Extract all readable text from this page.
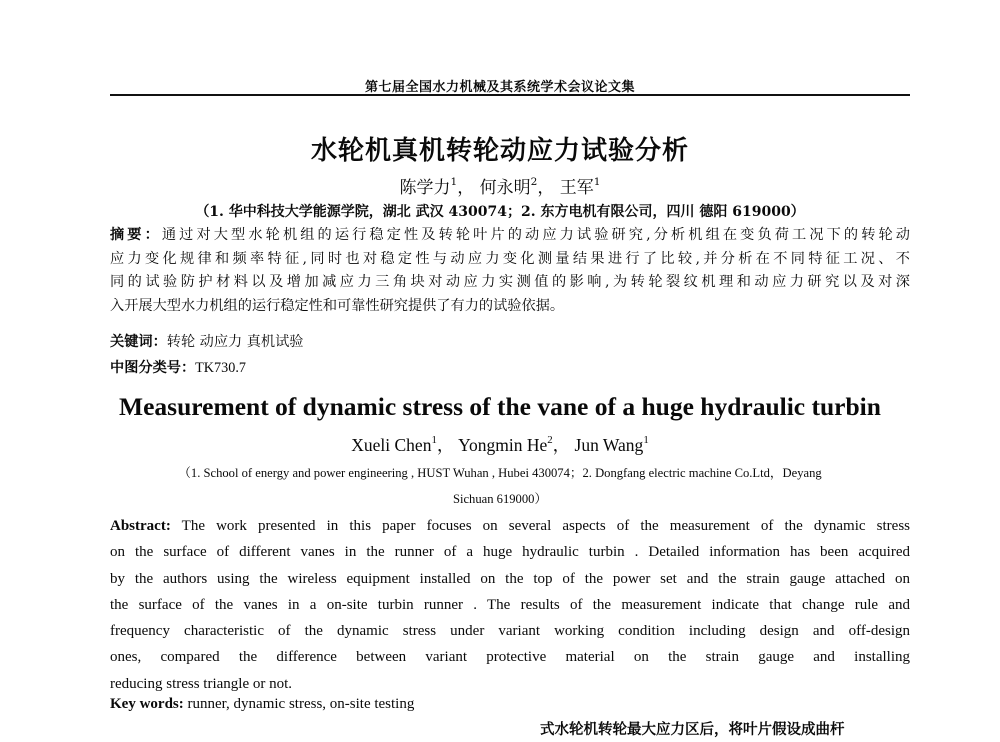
第七届全国水力机械及其系统学术会议论文集
水轮机真机转轮动应力试验分析
陈学力$^1$， 何永明$^2$， 王军$^1$
（1. 华中科技大学能源学院，湖北 武汉 430074；2. 东方电机有限公司，四川 德阳 619000）
摘要：通过对大型水轮机组的运行稳定性及转轮叶片的动应力试验研究,分析机组在变负荷工况下的转轮动
应力变化规律和频率特征,同时也对稳定性与动应力变化测量结果进行了比较,并分析在不同特征工况、不
同的试验防护材料以及增加减应力三角块对动应力实测值的影响,为转轮裂纹机理和动应力研究以及对深
入开展大型水力机组的运行稳定性和可靠性研究提供了有力的试验依据。
关键词：转轮 动应力 真机试验
中图分类号：TK730.7
Measurement of dynamic stress of the vane of a huge hydraulic turbin
Xueli Chen$^1$， Yongmin He$^2$， Jun Wang$^1$
（1. School of energy and power engineering , HUST Wuhan , Hubei 430074；2. Dongfang electric machine Co.Ltd，Deyang
Sichuan 619000）
Abstract: The work presented in this paper focuses on several aspects of the measurement of the dynamic stress
on the surface of different vanes in the runner of a huge hydraulic turbin . Detailed information has been acquired
by the authors using the wireless equipment installed on the top of the power set and the strain gauge attached on
the surface of the vanes in a on-site turbin runner . The results of the measurement indicate that change rule and
frequency characteristic of the dynamic stress under variant working condition including design and off-design
ones, compared the difference between variant protective material on the strain gauge and installing
reducing stress triangle or not.
Key words: runner, dynamic stress, on-site testing
式水轮机转轮最大应力区后，将叶片假设成曲杆
